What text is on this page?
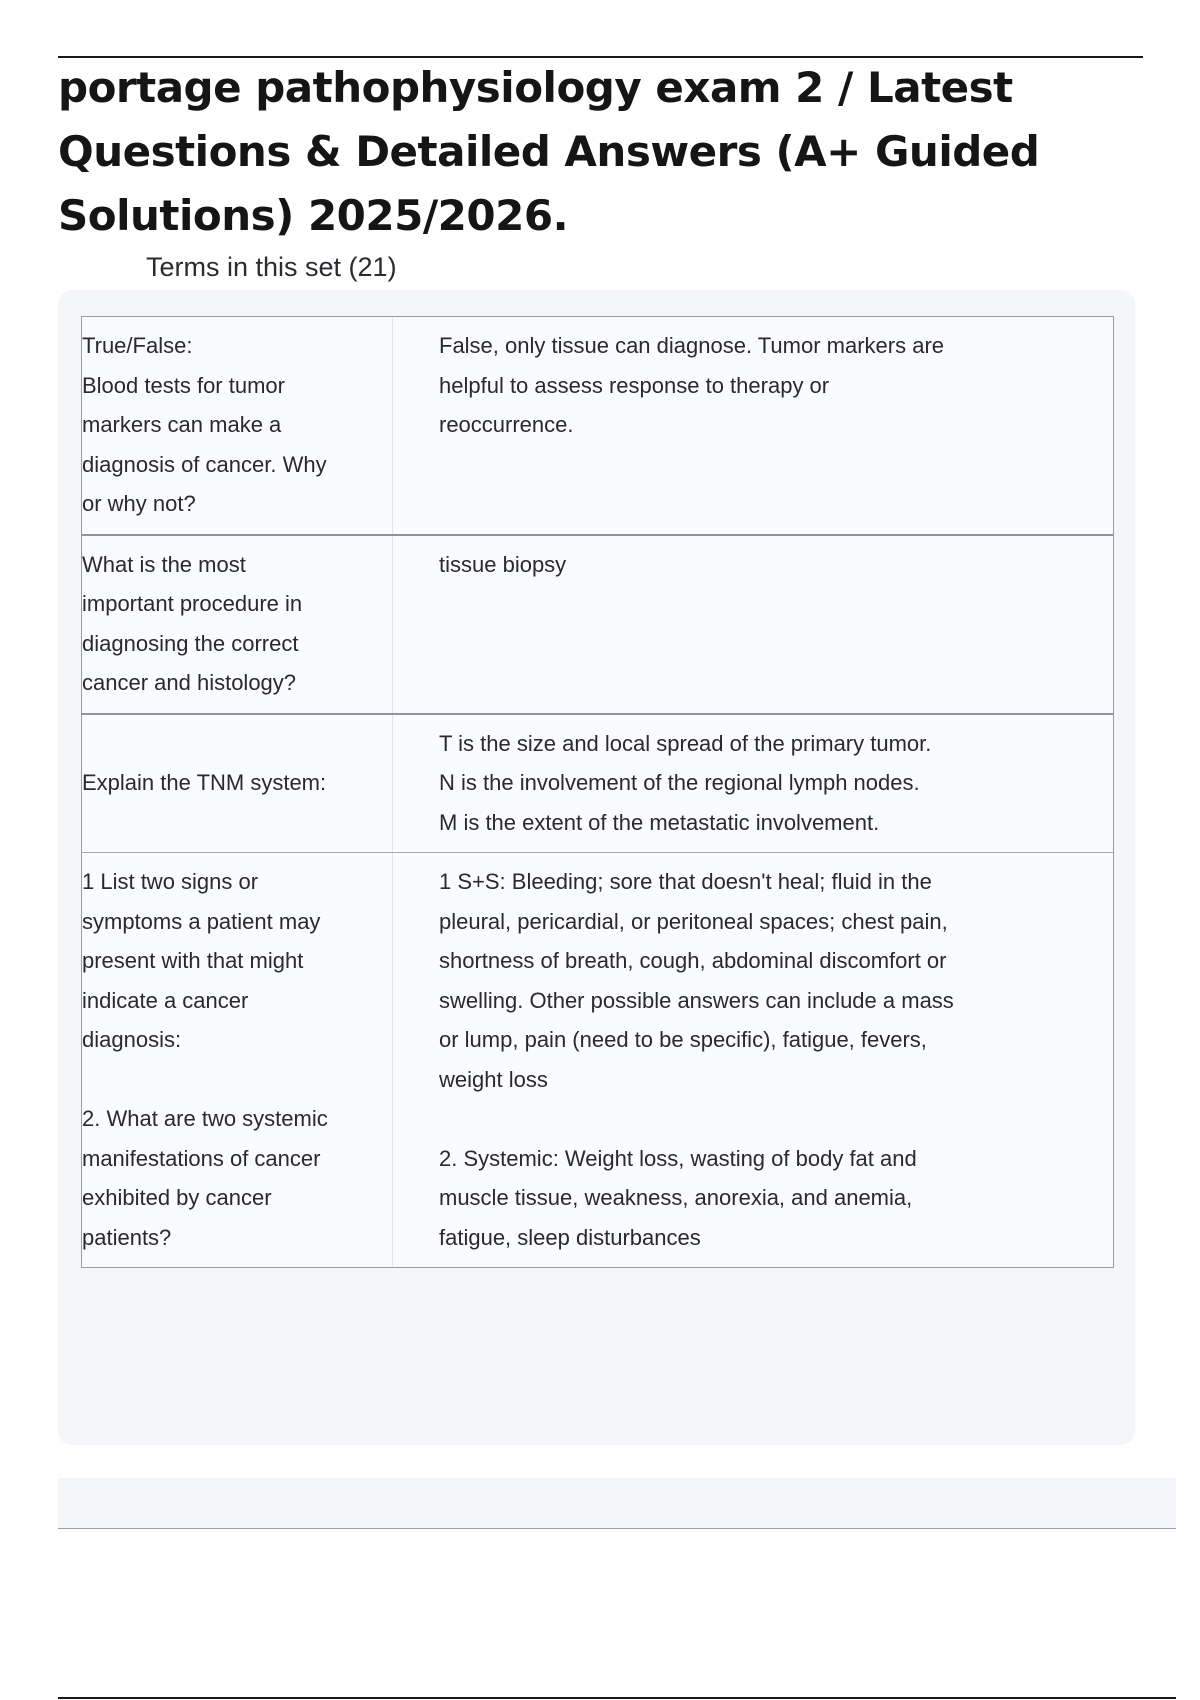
portage pathophysiology exam 2 / Latest Questions & Detailed Answers (A+ Guided Solutions) 2025/2026.
Terms in this set (21)
True/False:
Blood tests for tumor
markers can make a
diagnosis of cancer. Why
or why not?
False, only tissue can diagnose. Tumor markers are
helpful to assess response to therapy or
reoccurrence.
What is the most
important procedure in
diagnosing the correct
cancer and histology?
tissue biopsy
Explain the TNM system:
T is the size and local spread of the primary tumor.
N is the involvement of the regional lymph nodes.
M is the extent of the metastatic involvement.
1 List two signs or
symptoms a patient may
present with that might
indicate a cancer
diagnosis:

2. What are two systemic
manifestations of cancer
exhibited by cancer
patients?
1 S+S: Bleeding; sore that doesn't heal; fluid in the
pleural, pericardial, or peritoneal spaces; chest pain,
shortness of breath, cough, abdominal discomfort or
swelling. Other possible answers can include a mass
or lump, pain (need to be specific), fatigue, fevers,
weight loss

2. Systemic: Weight loss, wasting of body fat and
muscle tissue, weakness, anorexia, and anemia,
fatigue, sleep disturbances
